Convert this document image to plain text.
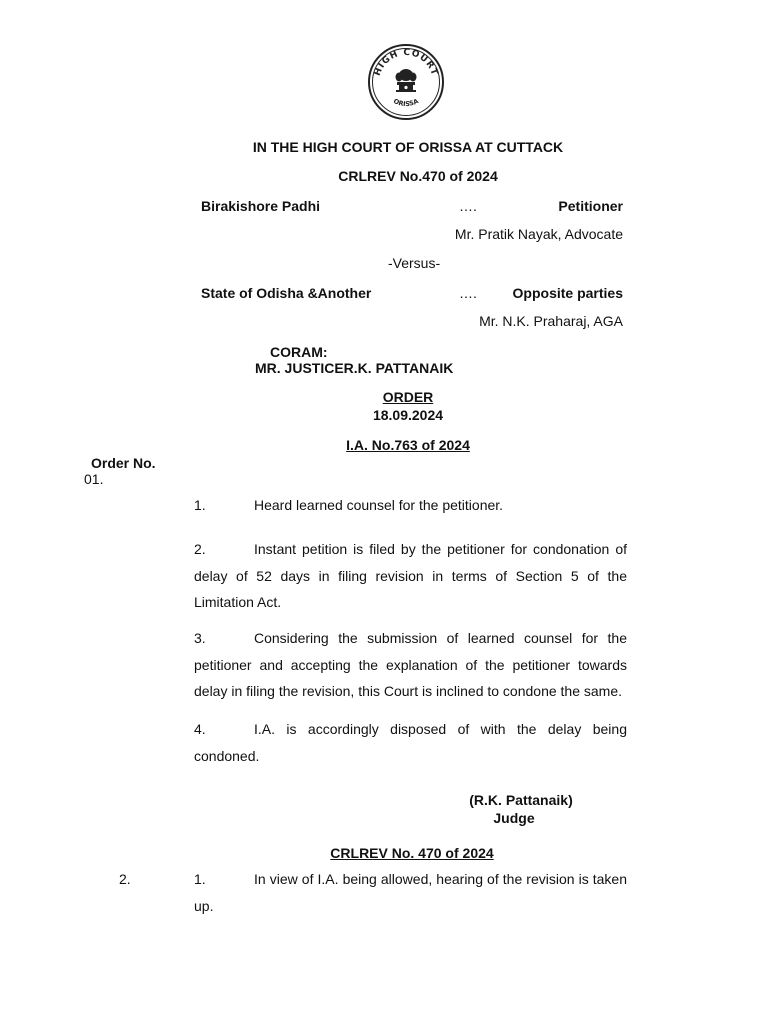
HIGH COURT
ORISSA
IN THE HIGH COURT OF ORISSA AT CUTTACK
CRLREV No.470 of 2024
Birakishore Padhi	….	Petitioner
Mr. Pratik Nayak, Advocate
-Versus-
State of Odisha &Another	….	Opposite parties
Mr. N.K. Praharaj, AGA
CORAM:
MR. JUSTICER.K. PATTANAIK
ORDER
18.09.2024
I.A. No.763 of 2024
Order No.
01.
1.	Heard learned counsel for the petitioner.
2.	Instant petition is filed by the petitioner for condonation of delay of 52 days in filing revision in terms of Section 5 of the Limitation Act.
3.	Considering the submission of learned counsel for the petitioner and accepting the explanation of the petitioner towards delay in filing the revision, this Court is inclined to condone the same.
4.	I.A. is accordingly disposed of with the delay being condoned.
(R.K. Pattanaik)
Judge
CRLREV No. 470 of 2024
2.	1.	In view of I.A. being allowed, hearing of the revision is taken up.
